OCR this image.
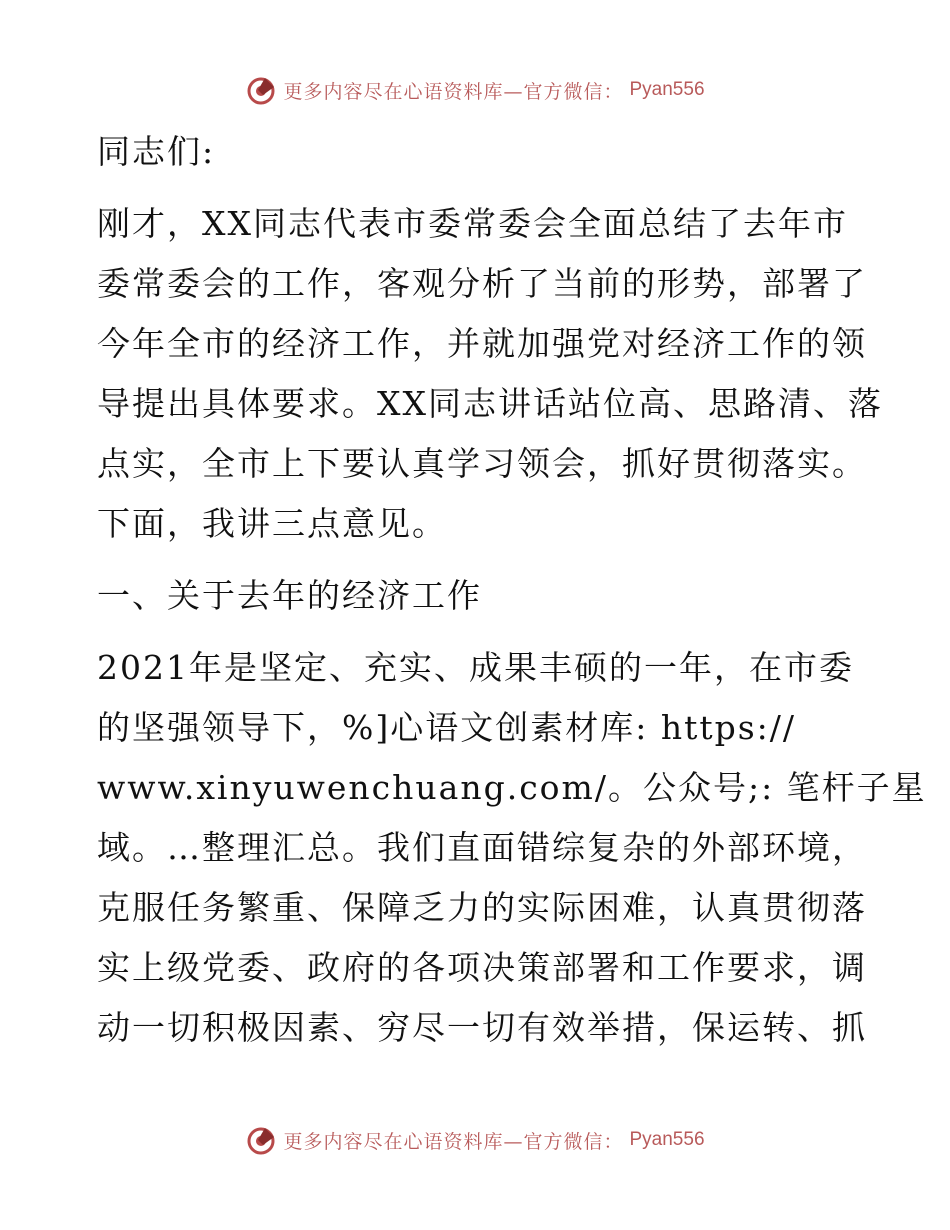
更多内容尽在心语资料库—官方微信： Pyan556
同志们:
刚才，XX同志代表市委常委会全面总结了去年市
委常委会的工作，客观分析了当前的形势，部署了
今年全市的经济工作，并就加强党对经济工作的领
导提出具体要求。XX同志讲话站位高、思路清、落
点实，全市上下要认真学习领会，抓好贯彻落实。
下面，我讲三点意见。
一、关于去年的经济工作
2021年是坚定、充实、成果丰硕的一年，在市委
的坚强领导下，%]心语文创素材库: https://
www.xinyuwenchuang.com/。公众号;: 笔杆子星
域。…整理汇总。我们直面错综复杂的外部环境，
克服任务繁重、保障乏力的实际困难，认真贯彻落
实上级党委、政府的各项决策部署和工作要求，调
动一切积极因素、穷尽一切有效举措，保运转、抓
更多内容尽在心语资料库—官方微信： Pyan556
